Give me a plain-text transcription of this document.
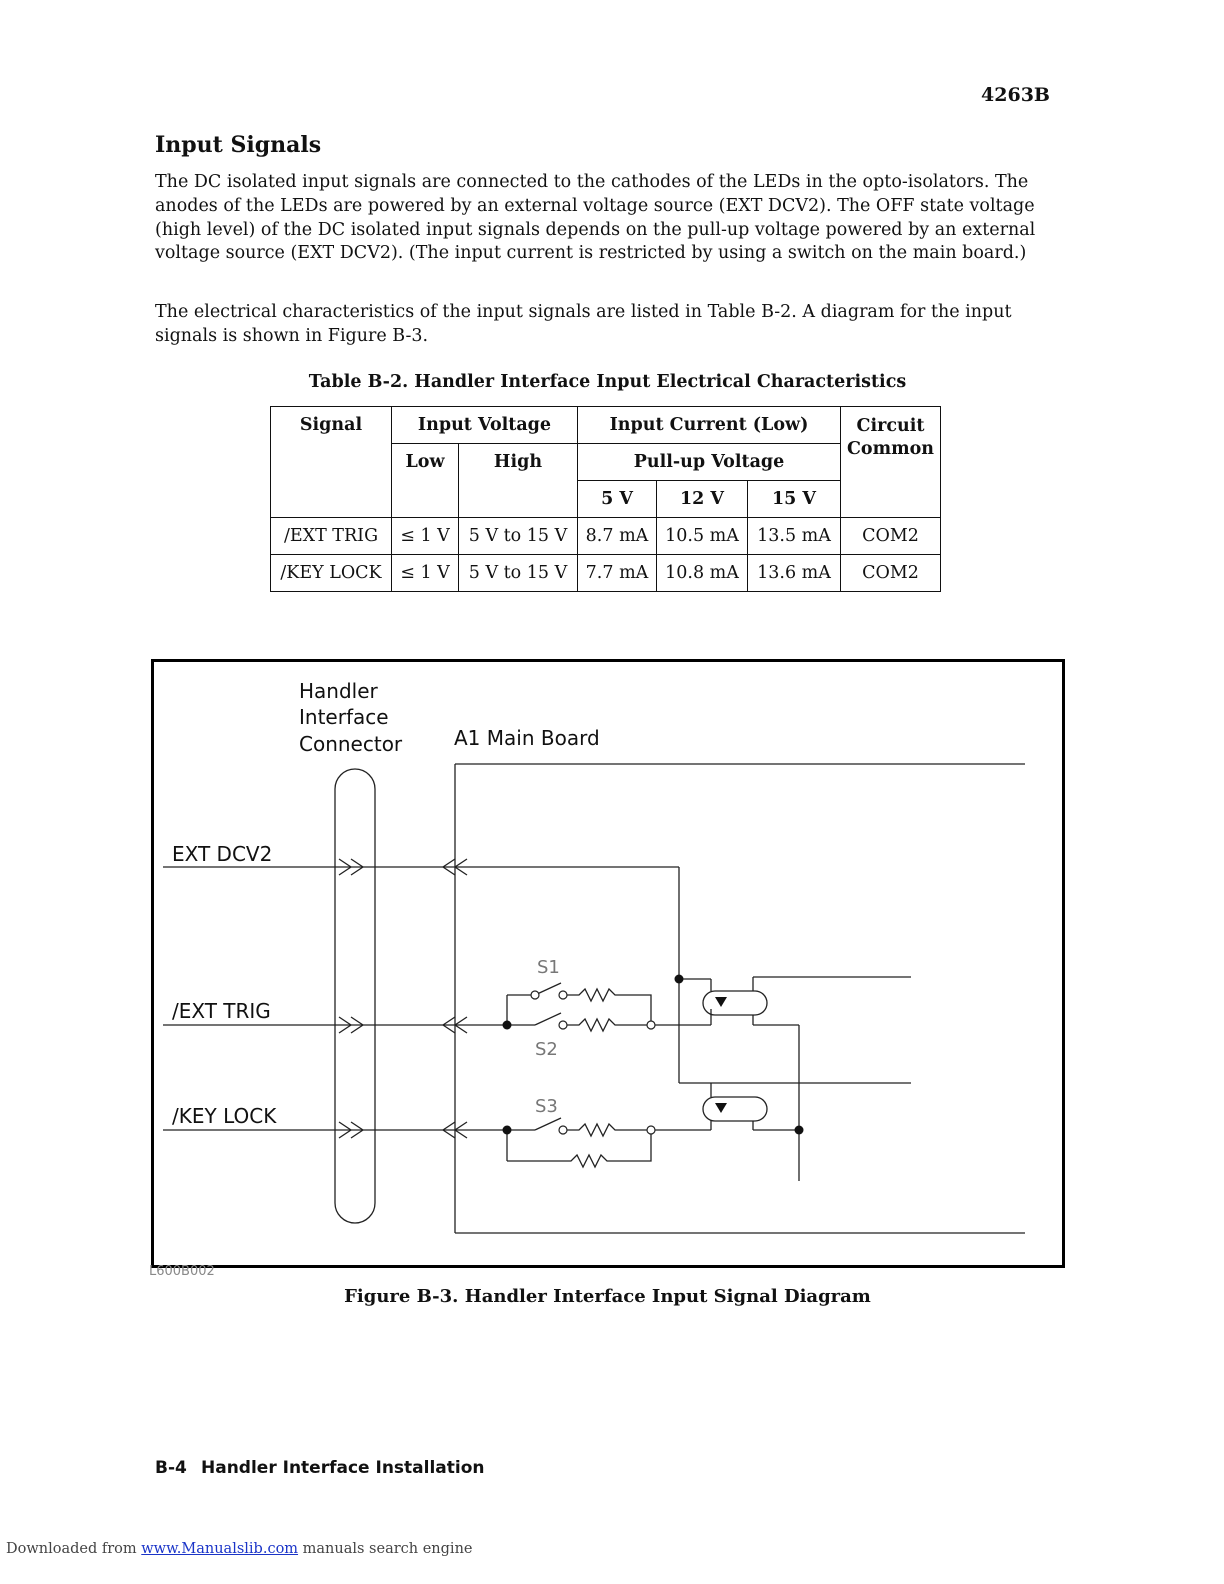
4263B
Input Signals

The DC isolated input signals are connected to the cathodes of the LEDs in the opto-isolators. The anodes of the LEDs are powered by an external voltage source (EXT DCV2). The OFF state voltage (high level) of the DC isolated input signals depends on the pull-up voltage powered by an external voltage source (EXT DCV2). (The input current is restricted by using a switch on the main board.)

The electrical characteristics of the input signals are listed in Table B-2. A diagram for the input signals is shown in Figure B-3.

Table B-2. Handler Interface Input Electrical Characteristics
Signal	Input Voltage		Input Current (Low)			Circuit Common
	Low	High	Pull-up Voltage			
			5 V	12 V	15 V	
/EXT TRIG	≤ 1 V	5 V to 15 V	8.7 mA	10.5 mA	13.5 mA	COM2
/KEY LOCK	≤ 1 V	5 V to 15 V	7.7 mA	10.8 mA	13.6 mA	COM2
Handler
Interface
Connector	A1 Main Board
EXT DCV2
/EXT TRIG
/KEY LOCK
S1
S2
S3
L600B002
Figure B-3. Handler Interface Input Signal Diagram
B-4 Handler Interface Installation
Downloaded from www.Manualslib.com manuals search engine
